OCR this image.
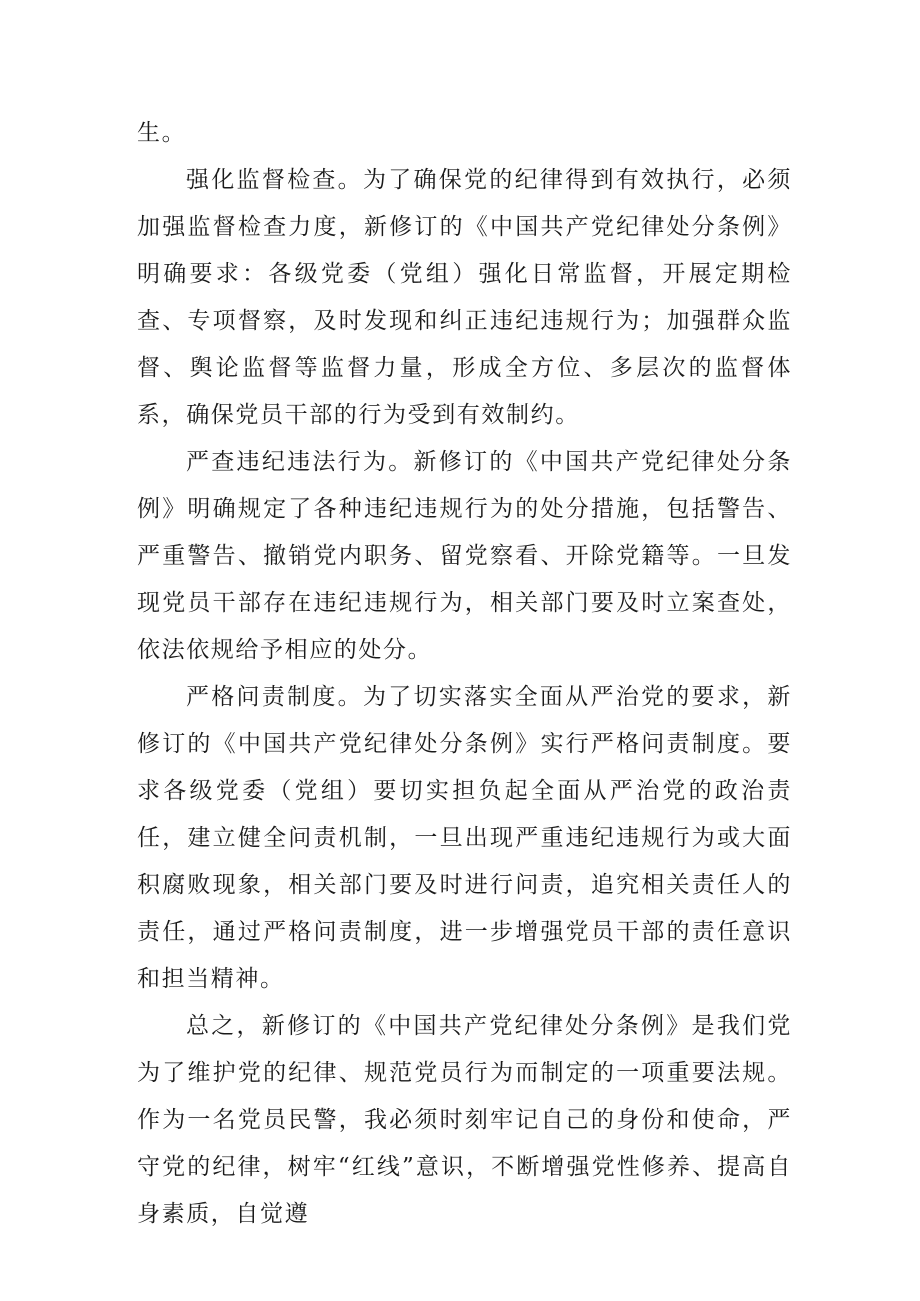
生。

强化监督检查。为了确保党的纪律得到有效执行，必须加强监督检查力度，新修订的《中国共产党纪律处分条例》明确要求：各级党委（党组）强化日常监督，开展定期检查、专项督察，及时发现和纠正违纪违规行为；加强群众监督、舆论监督等监督力量，形成全方位、多层次的监督体系，确保党员干部的行为受到有效制约。

严查违纪违法行为。新修订的《中国共产党纪律处分条例》明确规定了各种违纪违规行为的处分措施，包括警告、严重警告、撤销党内职务、留党察看、开除党籍等。一旦发现党员干部存在违纪违规行为，相关部门要及时立案查处，依法依规给予相应的处分。

严格问责制度。为了切实落实全面从严治党的要求，新修订的《中国共产党纪律处分条例》实行严格问责制度。要求各级党委（党组）要切实担负起全面从严治党的政治责任，建立健全问责机制，一旦出现严重违纪违规行为或大面积腐败现象，相关部门要及时进行问责，追究相关责任人的责任，通过严格问责制度，进一步增强党员干部的责任意识和担当精神。

总之，新修订的《中国共产党纪律处分条例》是我们党为了维护党的纪律、规范党员行为而制定的一项重要法规。作为一名党员民警，我必须时刻牢记自己的身份和使命，严守党的纪律，树牢“红线”意识，不断增强党性修养、提高自身素质，自觉遵
